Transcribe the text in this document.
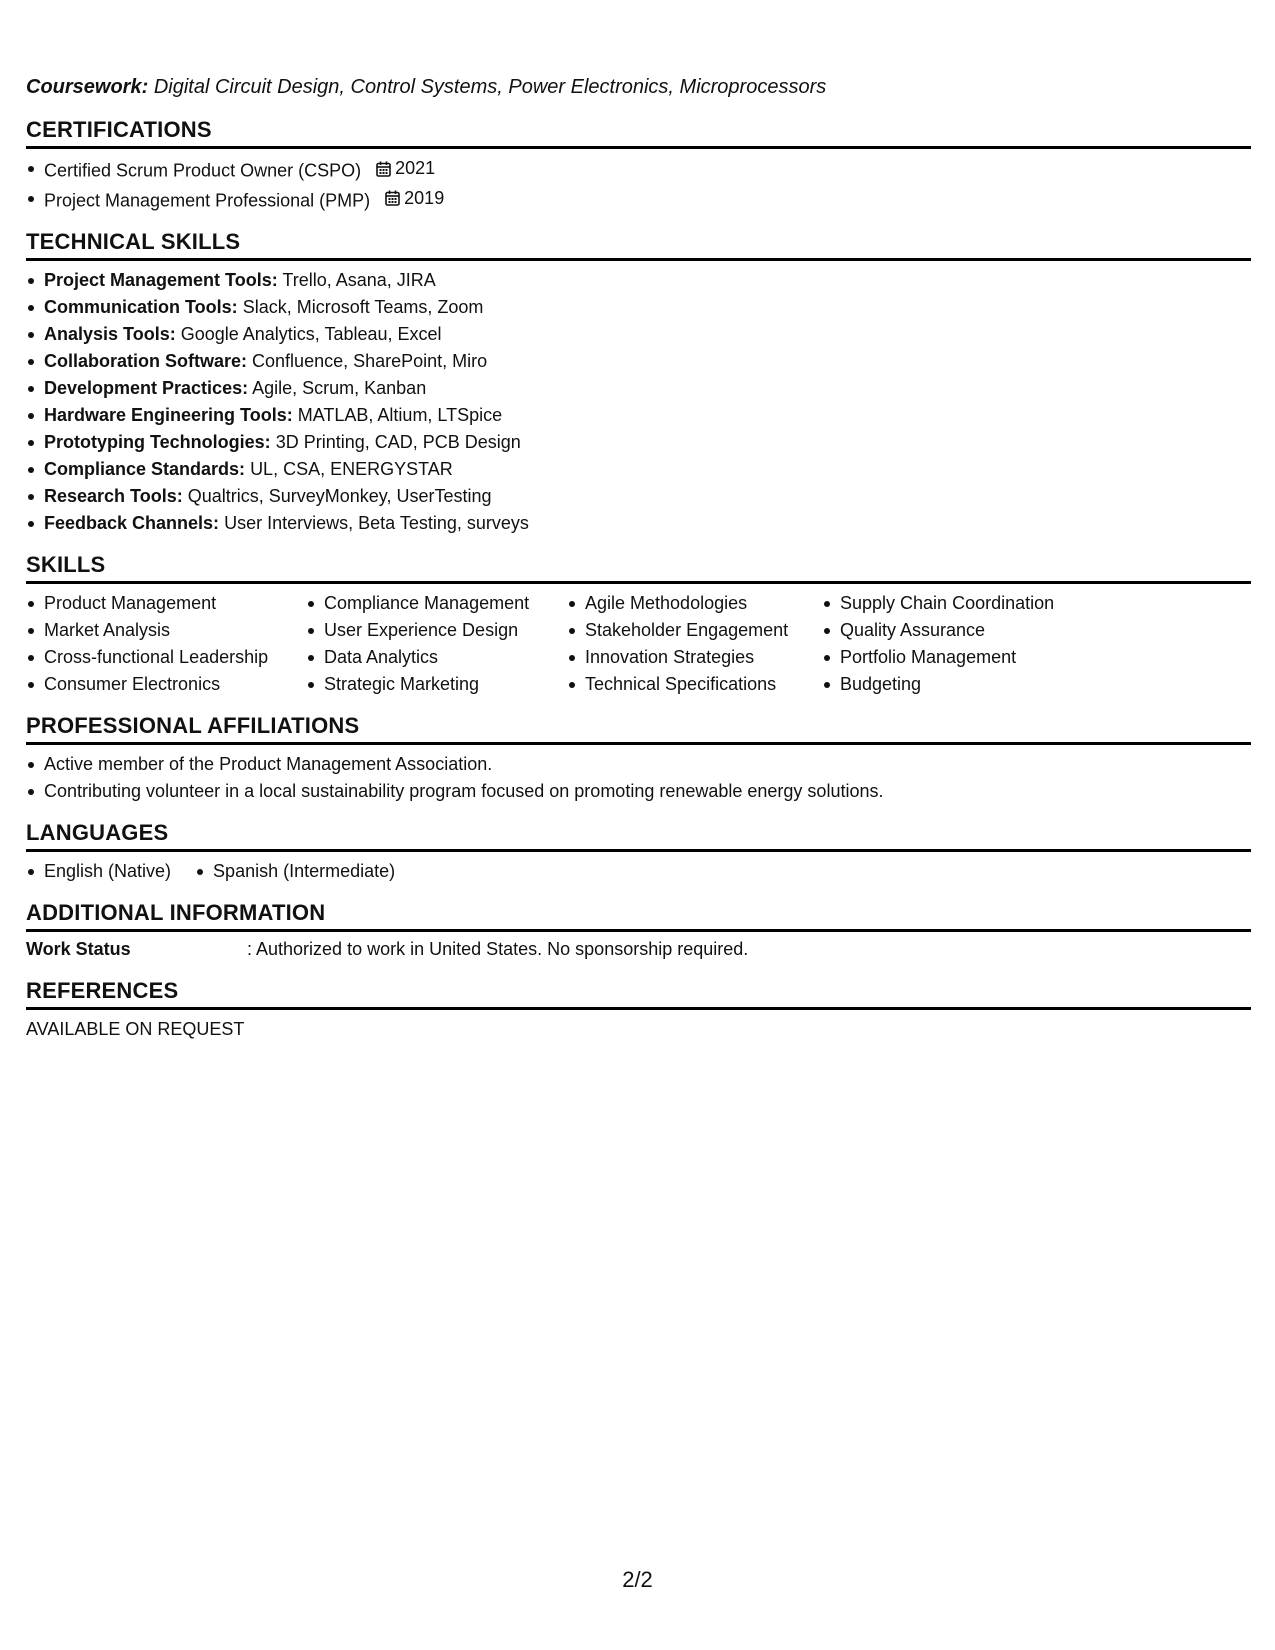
Coursework: Digital Circuit Design, Control Systems, Power Electronics, Microprocessors
CERTIFICATIONS
Certified Scrum Product Owner (CSPO) 2021
Project Management Professional (PMP) 2019
TECHNICAL SKILLS
Project Management Tools: Trello, Asana, JIRA
Communication Tools: Slack, Microsoft Teams, Zoom
Analysis Tools: Google Analytics, Tableau, Excel
Collaboration Software: Confluence, SharePoint, Miro
Development Practices: Agile, Scrum, Kanban
Hardware Engineering Tools: MATLAB, Altium, LTSpice
Prototyping Technologies: 3D Printing, CAD, PCB Design
Compliance Standards: UL, CSA, ENERGYSTAR
Research Tools: Qualtrics, SurveyMonkey, UserTesting
Feedback Channels: User Interviews, Beta Testing, surveys
SKILLS
Product Management
Market Analysis
Cross-functional Leadership
Consumer Electronics
Compliance Management
User Experience Design
Data Analytics
Strategic Marketing
Agile Methodologies
Stakeholder Engagement
Innovation Strategies
Technical Specifications
Supply Chain Coordination
Quality Assurance
Portfolio Management
Budgeting
PROFESSIONAL AFFILIATIONS
Active member of the Product Management Association.
Contributing volunteer in a local sustainability program focused on promoting renewable energy solutions.
LANGUAGES
English (Native)	Spanish (Intermediate)
ADDITIONAL INFORMATION
Work Status	: Authorized to work in United States. No sponsorship required.
REFERENCES
AVAILABLE ON REQUEST
2/2
